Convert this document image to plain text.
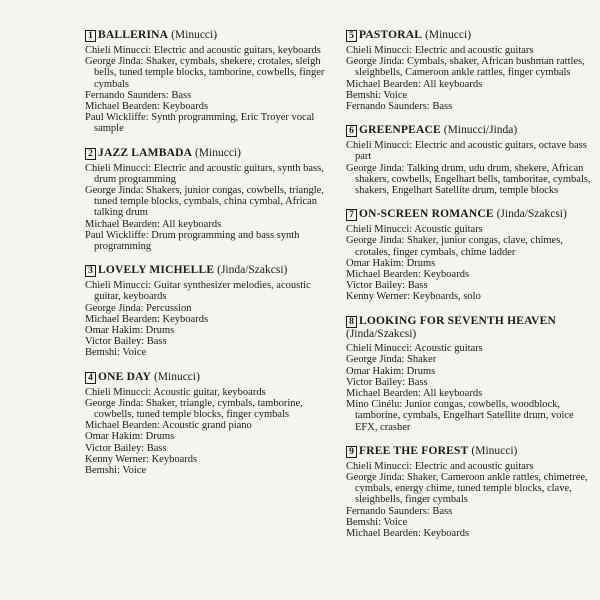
1 BALLERINA (Minucci)
Chieli Minucci: Electric and acoustic guitars, keyboards
George Jinda: Shaker, cymbals, shekere, crotales, sleigh bells, tuned temple blocks, tamborine, cowbells, finger cymbals
Fernando Saunders: Bass
Michael Bearden: Keyboards
Paul Wickliffe: Synth programming, Eric Troyer vocal sample
2 JAZZ LAMBADA (Minucci)
Chieli Minucci: Electric and acoustic guitars, synth bass, drum programming
George Jinda: Shakers, junior congas, cowbells, triangle, tuned temple blocks, cymbals, china cymbal, African talking drum
Michael Bearden: All keyboards
Paul Wickliffe: Drum programming and bass synth programming
3 LOVELY MICHELLE (Jinda/Szakcsi)
Chieli Minucci: Guitar synthesizer melodies, acoustic guitar, keyboards
George Jinda: Percussion
Michael Bearden: Keyboards
Omar Hakim: Drums
Victor Bailey: Bass
Bemshi: Voice
4 ONE DAY (Minucci)
Chieli Minucci: Acoustic guitar, keyboards
George Jinda: Shaker, triangle, cymbals, tamborine, cowbells, tuned temple blocks, finger cymbals
Michael Bearden: Acoustic grand piano
Omar Hakim: Drums
Victor Bailey: Bass
Kenny Werner: Keyboards
Bemshi: Voice
5 PASTORAL (Minucci)
Chieli Minucci: Electric and acoustic guitars
George Jinda: Cymbals, shaker, African bushman rattles, sleighbells, Cameroon ankle rattles, finger cymbals
Michael Bearden: All keyboards
Bemshi: Voice
Fernando Saunders: Bass
6 GREENPEACE (Minucci/Jinda)
Chieli Minucci: Electric and acoustic guitars, octave bass part
George Jinda: Talking drum, udu drum, shekere, African shakers, cowbells, Engelhart bells, tamboritae, cymbals, shakers, Engelhart Satellite drum, temple blocks
7 ON-SCREEN ROMANCE (Jinda/Szakcsi)
Chieli Minucci: Acoustic guitars
George Jinda: Shaker, junior congas, clave, chimes, crotales, finger cymbals, chime ladder
Omar Hakim: Drums
Michael Bearden: Keyboards
Victor Bailey: Bass
Kenny Werner: Keyboards, solo
8 LOOKING FOR SEVENTH HEAVEN (Jinda/Szakcsi)
Chieli Minucci: Acoustic guitars
George Jinda: Shaker
Omar Hakim: Drums
Victor Bailey: Bass
Michael Bearden: All keyboards
Mino Cinélu: Junior congas, cowbells, woodblock, tamborine, cymbals, Engelhart Satellite drum, voice EFX, crasher
9 FREE THE FOREST (Minucci)
Chieli Minucci: Electric and acoustic guitars
George Jinda: Shaker, Cameroon ankle rattles, chimetree, cymbals, energy chime, tuned temple blocks, clave, sleighbells, finger cymbals
Fernando Saunders: Bass
Bemshi: Voice
Michael Bearden: Keyboards
